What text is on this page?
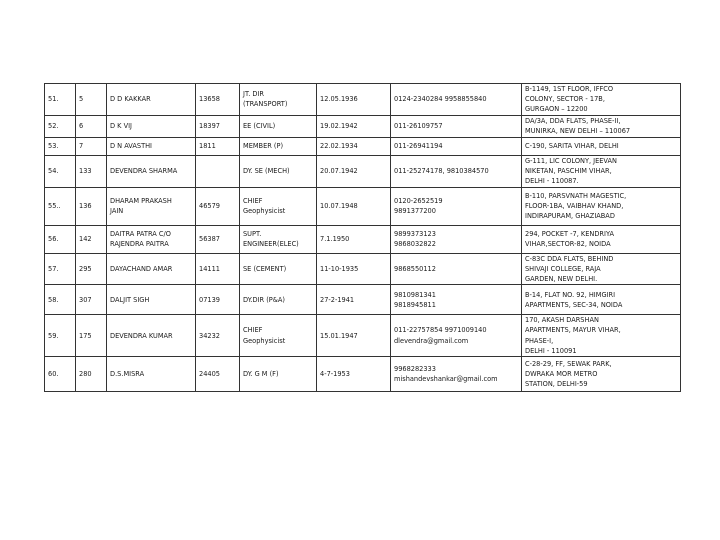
51.	5	D D KAKKAR	13658	JT. DIR
(TRANSPORT)	12.05.1936	0124-2340284 9958855840	B-1149, 1ST FLOOR, IFFCO
COLONY, SECTOR - 17B,
GURGAON – 12200
52.	6	D K VIJ	18397	EE (CIVIL)	19.02.1942	011-26109757	DA/3A, DDA FLATS, PHASE-II,
MUNIRKA, NEW DELHI – 110067
53.	7	D N AVASTHI	1811	MEMBER (P)	22.02.1934	011-26941194	C-190, SARITA VIHAR, DELHI
54.	133	DEVENDRA SHARMA		DY. SE (MECH)	20.07.1942	011-25274178, 9810384570	G-111, LIC COLONY, JEEVAN
NIKETAN, PASCHIM VIHAR,
DELHI - 110087.
55..	136	DHARAM PRAKASH
JAIN	46579	CHIEF
Geophysicist	10.07.1948	0120-2652519
9891377200	B-110, PARSVNATH MAGESTIC,
FLOOR-1BA, VAIBHAV KHAND,
INDIRAPURAM, GHAZIABAD
56.	142	DAITRA PATRA C/O
RAJENDRA PAITRA	56387	SUPT.
ENGINEER(ELEC)	7.1.1950	9899373123
9868032822	294, POCKET -7, KENDRIYA
VIHAR,SECTOR-82, NOIDA
57.	295	DAYACHAND AMAR	14111	SE (CEMENT)	11-10-1935	9868550112	C-83C DDA FLATS, BEHIND
SHIVAJI COLLEGE, RAJA
GARDEN, NEW DELHI.
58.	307	DALJIT SIGH	07139	DY.DIR (P&A)	27-2-1941	9810981341
9818945811	B-14, FLAT NO. 92, HIMGIRI
APARTMENTS, SEC-34, NOIDA
59.	175	DEVENDRA KUMAR	34232	CHIEF
Geophysicist	15.01.1947	011-22757854 9971009140
dlevendra@gmail.com	170, AKASH DARSHAN
APARTMENTS, MAYUR VIHAR,
PHASE-I,
DELHI - 110091
60.	280	D.S.MISRA	24405	DY. G M (F)	4-7-1953	9968282333
mishandevshankar@gmail.com	C-28-29, FF, SEWAK PARK,
DWRAKA MOR METRO
STATION, DELHI-59
